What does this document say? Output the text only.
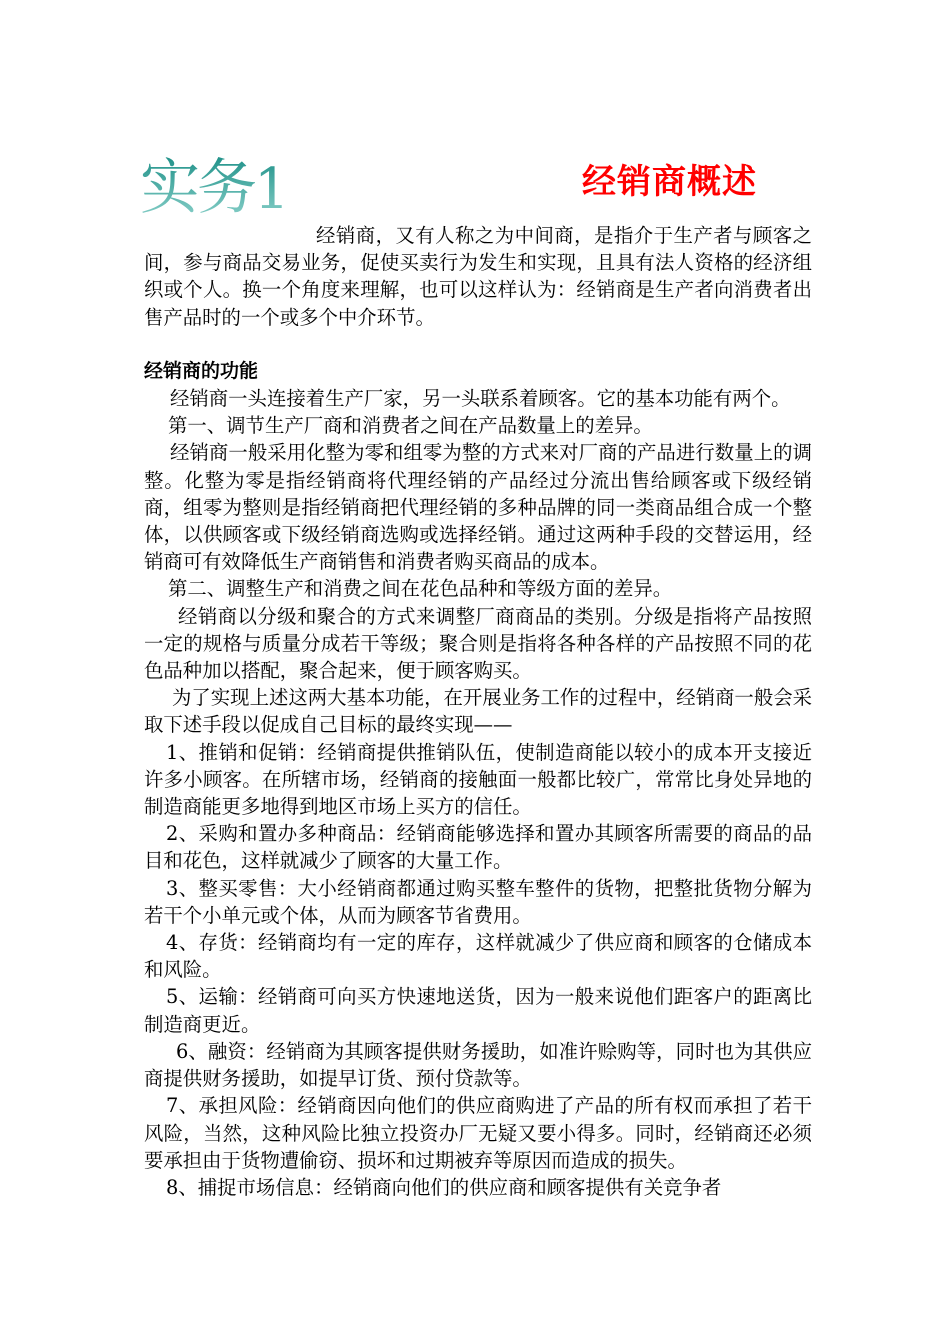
实务1	经销商概述

经销商，又有人称之为中间商，是指介于生产者与顾客之间，参与商品交易业务，促使买卖行为发生和实现，且具有法人资格的经济组织或个人。换一个角度来理解，也可以这样认为：经销商是生产者向消费者出售产品时的一个或多个中介环节。

经销商的功能

经销商一头连接着生产厂家，另一头联系着顾客。它的基本功能有两个。

第一、调节生产厂商和消费者之间在产品数量上的差异。

经销商一般采用化整为零和组零为整的方式来对厂商的产品进行数量上的调整。化整为零是指经销商将代理经销的产品经过分流出售给顾客或下级经销商，组零为整则是指经销商把代理经销的多种品牌的同一类商品组合成一个整体，以供顾客或下级经销商选购或选择经销。通过这两种手段的交替运用，经销商可有效降低生产商销售和消费者购买商品的成本。

第二、调整生产和消费之间在花色品种和等级方面的差异。

经销商以分级和聚合的方式来调整厂商商品的类别。分级是指将产品按照一定的规格与质量分成若干等级；聚合则是指将各种各样的产品按照不同的花色品种加以搭配，聚合起来，便于顾客购买。

为了实现上述这两大基本功能，在开展业务工作的过程中，经销商一般会采取下述手段以促成自己目标的最终实现——

1、推销和促销：经销商提供推销队伍，使制造商能以较小的成本开支接近许多小顾客。在所辖市场，经销商的接触面一般都比较广，常常比身处异地的制造商能更多地得到地区市场上买方的信任。

2、采购和置办多种商品：经销商能够选择和置办其顾客所需要的商品的品目和花色，这样就减少了顾客的大量工作。

3、整买零售：大小经销商都通过购买整车整件的货物，把整批货物分解为若干个小单元或个体，从而为顾客节省费用。

4、存货：经销商均有一定的库存，这样就减少了供应商和顾客的仓储成本和风险。

5、运输：经销商可向买方快速地送货，因为一般来说他们距客户的距离比制造商更近。

6、融资：经销商为其顾客提供财务援助，如准许赊购等，同时也为其供应商提供财务援助，如提早订货、预付贷款等。

7、承担风险：经销商因向他们的供应商购进了产品的所有权而承担了若干风险，当然，这种风险比独立投资办厂无疑又要小得多。同时，经销商还必须要承担由于货物遭偷窃、损坏和过期被弃等原因而造成的损失。

8、捕捉市场信息：经销商向他们的供应商和顾客提供有关竞争者
